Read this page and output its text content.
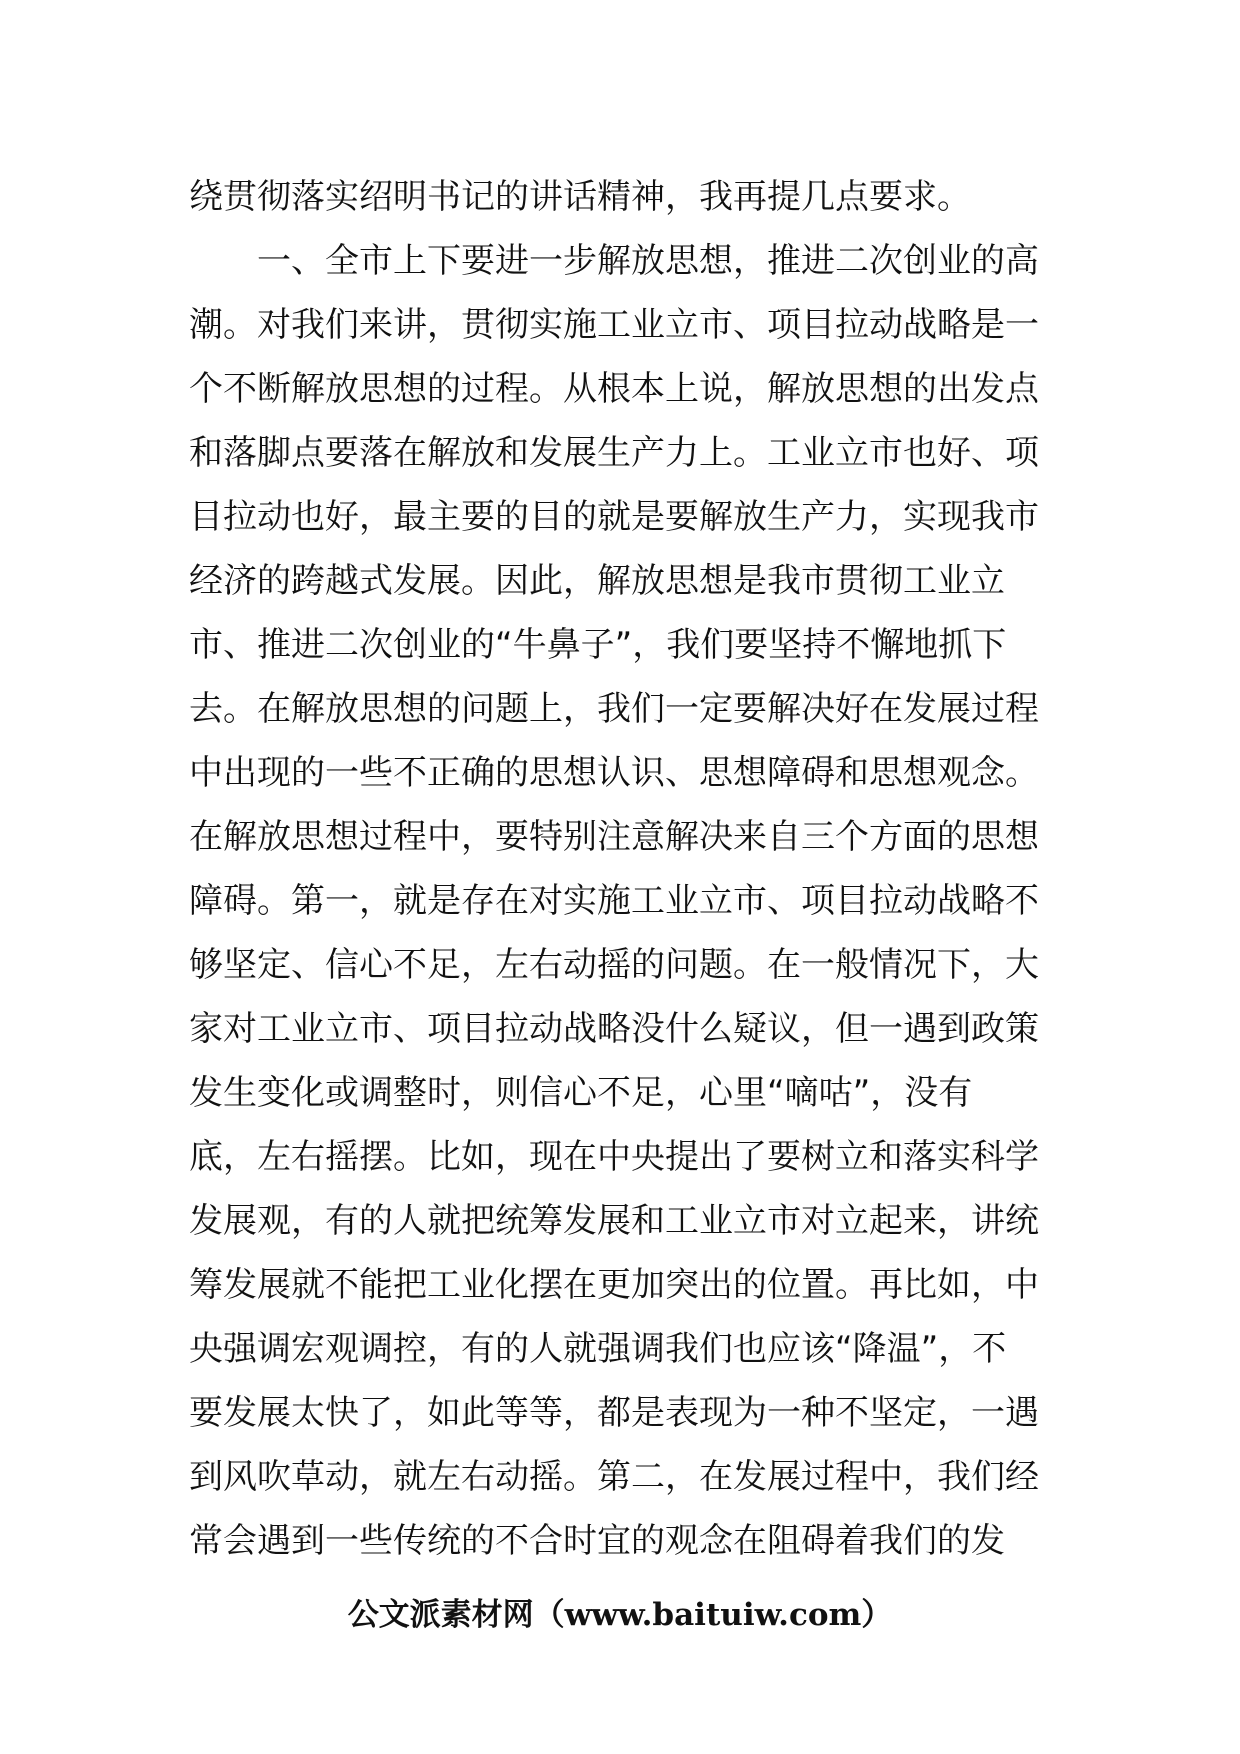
绕贯彻落实绍明书记的讲话精神，我再提几点要求。
一、全市上下要进一步解放思想，推进二次创业的高
潮。对我们来讲，贯彻实施工业立市、项目拉动战略是一
个不断解放思想的过程。从根本上说，解放思想的出发点
和落脚点要落在解放和发展生产力上。工业立市也好、项
目拉动也好，最主要的目的就是要解放生产力，实现我市
经济的跨越式发展。因此，解放思想是我市贯彻工业立
市、推进二次创业的“牛鼻子”，我们要坚持不懈地抓下
去。在解放思想的问题上，我们一定要解决好在发展过程
中出现的一些不正确的思想认识、思想障碍和思想观念。
在解放思想过程中，要特别注意解决来自三个方面的思想
障碍。第一，就是存在对实施工业立市、项目拉动战略不
够坚定、信心不足，左右动摇的问题。在一般情况下，大
家对工业立市、项目拉动战略没什么疑议，但一遇到政策
发生变化或调整时，则信心不足，心里“嘀咕”，没有
底，左右摇摆。比如，现在中央提出了要树立和落实科学
发展观，有的人就把统筹发展和工业立市对立起来，讲统
筹发展就不能把工业化摆在更加突出的位置。再比如，中
央强调宏观调控，有的人就强调我们也应该“降温”，不
要发展太快了，如此等等，都是表现为一种不坚定，一遇
到风吹草动，就左右动摇。第二，在发展过程中，我们经
常会遇到一些传统的不合时宜的观念在阻碍着我们的发
公文派素材网（www.baituiw.com）
